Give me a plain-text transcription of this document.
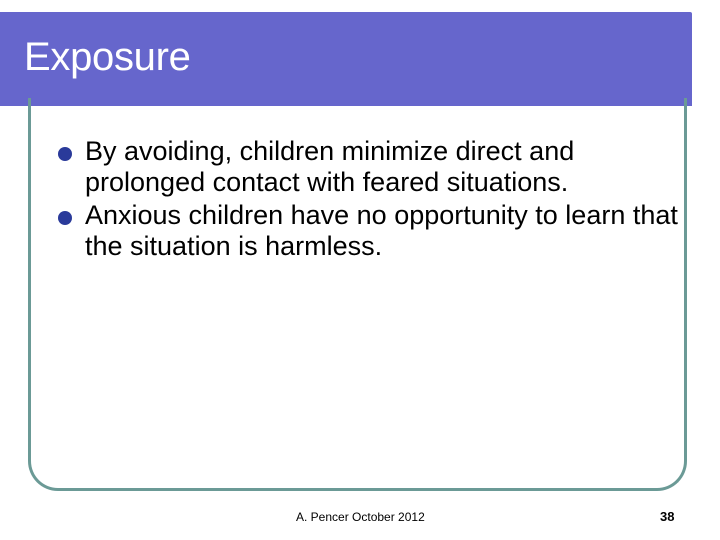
Exposure
By avoiding, children minimize direct and prolonged contact with feared situations.
Anxious children have no opportunity to learn that the situation is harmless.
A. Pencer October 2012	38
